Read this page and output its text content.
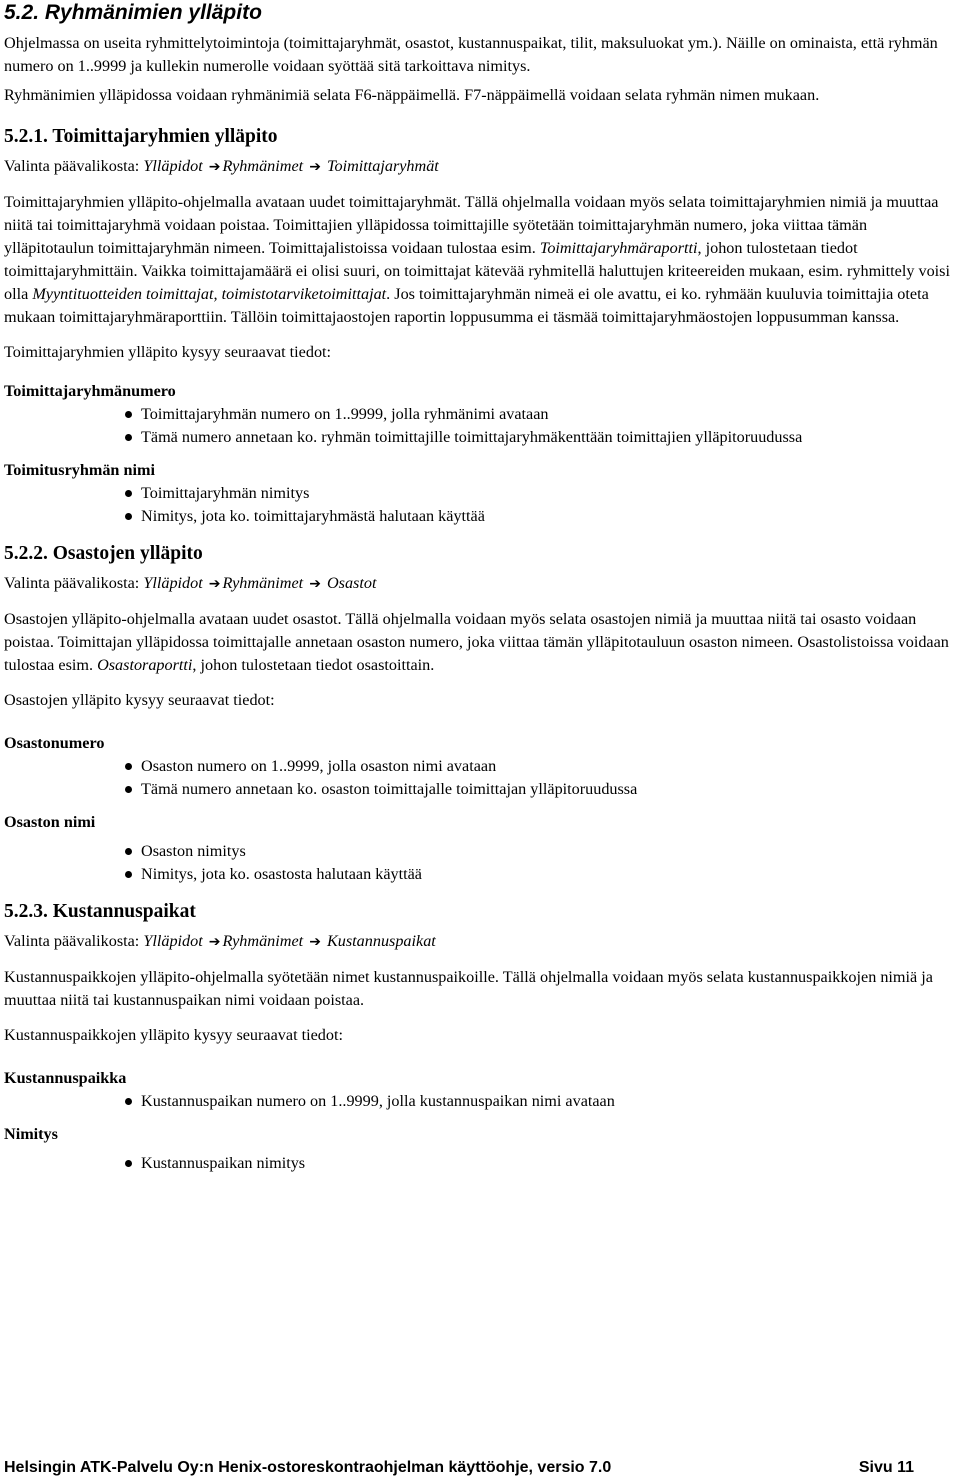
5.2. Ryhmänimien ylläpito

Ohjelmassa on useita ryhmittelytoimintoja (toimittajaryhmät, osastot, kustannuspaikat, tilit, maksuluokat ym.). Näille on ominaista, että ryhmän numero on 1..9999 ja kullekin numerolle voidaan syöttää sitä tarkoittava nimitys.

Ryhmänimien ylläpidossa voidaan ryhmänimiä selata F6-näppäimellä. F7-näppäimellä voidaan selata ryhmän nimen mukaan.

5.2.1. Toimittajaryhmien ylläpito

Valinta päävalikosta: Ylläpidot ➔ Ryhmänimet ➔ Toimittajaryhmät

Toimittajaryhmien ylläpito-ohjelmalla avataan uudet toimittajaryhmät. Tällä ohjelmalla voidaan myös selata toimittajaryhmien nimiä ja muuttaa niitä tai toimittajaryhmä voidaan poistaa. Toimittajien ylläpidossa toimittajille syötetään toimittajaryhmän numero, joka viittaa tämän ylläpitotaulun toimittajaryhmän nimeen. Toimittajalistoissa voidaan tulostaa esim. Toimittajaryhmäraportti, johon tulostetaan tiedot toimittajaryhmittäin. Vaikka toimittajamäärä ei olisi suuri, on toimittajat kätevää ryhmitellä haluttujen kriteereiden mukaan, esim. ryhmittely voisi olla Myyntituotteiden toimittajat, toimistotarviketoimittajat. Jos toimittajaryhmän nimeä ei ole avattu, ei ko. ryhmään kuuluvia toimittajia oteta mukaan toimittajaryhmäraporttiin. Tällöin toimittajaostojen raportin loppusumma ei täsmää toimittajaryhmäostojen loppusumman kanssa.

Toimittajaryhmien ylläpito kysyy seuraavat tiedot:

Toimittajaryhmänumero

Toimittajaryhmän numero on 1..9999, jolla ryhmänimi avataan
Tämä numero annetaan ko. ryhmän toimittajille toimittajaryhmäkenttään toimittajien ylläpitoruudussa

Toimitusryhmän nimi

Toimittajaryhmän nimitys
Nimitys, jota ko. toimittajaryhmästä halutaan käyttää
5.2.2. Osastojen ylläpito

Valinta päävalikosta: Ylläpidot ➔ Ryhmänimet ➔ Osastot

Osastojen ylläpito-ohjelmalla avataan uudet osastot. Tällä ohjelmalla voidaan myös selata osastojen nimiä ja muuttaa niitä tai osasto voidaan poistaa. Toimittajan ylläpidossa toimittajalle annetaan osaston numero, joka viittaa tämän ylläpitotauluun osaston nimeen. Osastolistoissa voidaan tulostaa esim. Osastoraportti, johon tulostetaan tiedot osastoittain.

Osastojen ylläpito kysyy seuraavat tiedot:

Osastonumero

Osaston numero on 1..9999, jolla osaston nimi avataan
Tämä numero annetaan ko. osaston toimittajalle toimittajan ylläpitoruudussa

Osaston nimi

Osaston nimitys
Nimitys, jota ko. osastosta halutaan käyttää
5.2.3. Kustannuspaikat

Valinta päävalikosta: Ylläpidot ➔ Ryhmänimet ➔ Kustannuspaikat

Kustannuspaikkojen ylläpito-ohjelmalla syötetään nimet kustannuspaikoille. Tällä ohjelmalla voidaan myös selata kustannuspaikkojen nimiä ja muuttaa niitä tai kustannuspaikan nimi voidaan poistaa.

Kustannuspaikkojen ylläpito kysyy seuraavat tiedot:

Kustannuspaikka

Kustannuspaikan numero on 1..9999, jolla kustannuspaikan nimi avataan

Nimitys

Kustannuspaikan nimitys
Helsingin ATK-Palvelu Oy:n Henix-ostoreskontraohjelman käyttöohje, versio 7.0	Sivu 11
